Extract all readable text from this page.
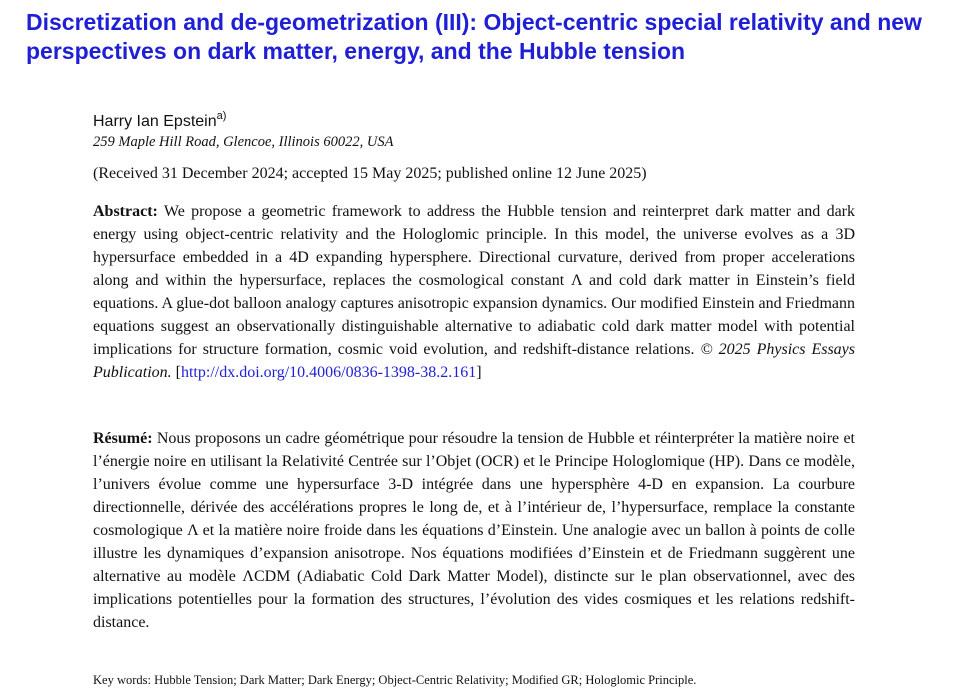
Discretization and de-geometrization (III): Object-centric special relativity and new perspectives on dark matter, energy, and the Hubble tension
Harry Ian Epstein$^{a)}$
259 Maple Hill Road, Glencoe, Illinois 60022, USA
(Received 31 December 2024; accepted 15 May 2025; published online 12 June 2025)

Abstract: We propose a geometric framework to address the Hubble tension and reinterpret dark matter and dark energy using object-centric relativity and the Hologlomic principle. In this model, the universe evolves as a 3D hypersurface embedded in a 4D expanding hypersphere. Directional curvature, derived from proper accelerations along and within the hypersurface, replaces the cosmological constant Λ and cold dark matter in Einstein’s field equations. A glue-dot balloon analogy captures anisotropic expansion dynamics. Our modified Einstein and Friedmann equations suggest an observationally distinguishable alternative to adiabatic cold dark matter model with potential implications for structure formation, cosmic void evolution, and redshift-distance relations. © 2025 Physics Essays Publication. [http://dx.doi.org/10.4006/0836-1398-38.2.161]

Résumé: Nous proposons un cadre géométrique pour résoudre la tension de Hubble et réinterpréter la matière noire et l’énergie noire en utilisant la Relativité Centrée sur l’Objet (OCR) et le Principe Hologlomique (HP). Dans ce modèle, l’univers évolue comme une hypersurface 3-D intégrée dans une hypersphère 4-D en expansion. La courbure directionnelle, dérivée des accélérations propres le long de, et à l’intérieur de, l’hypersurface, remplace la constante cosmologique Λ et la matière noire froide dans les équations d’Einstein. Une analogie avec un ballon à points de colle illustre les dynamiques d’expansion anisotrope. Nos équations modifiées d’Einstein et de Friedmann suggèrent une alternative au modèle ΛCDM (Adiabatic Cold Dark Matter Model), distincte sur le plan observationnel, avec des implications potentielles pour la formation des structures, l’évolution des vides cosmiques et les relations redshift-distance.

Key words: Hubble Tension; Dark Matter; Dark Energy; Object-Centric Relativity; Modified GR; Hologlomic Principle.
